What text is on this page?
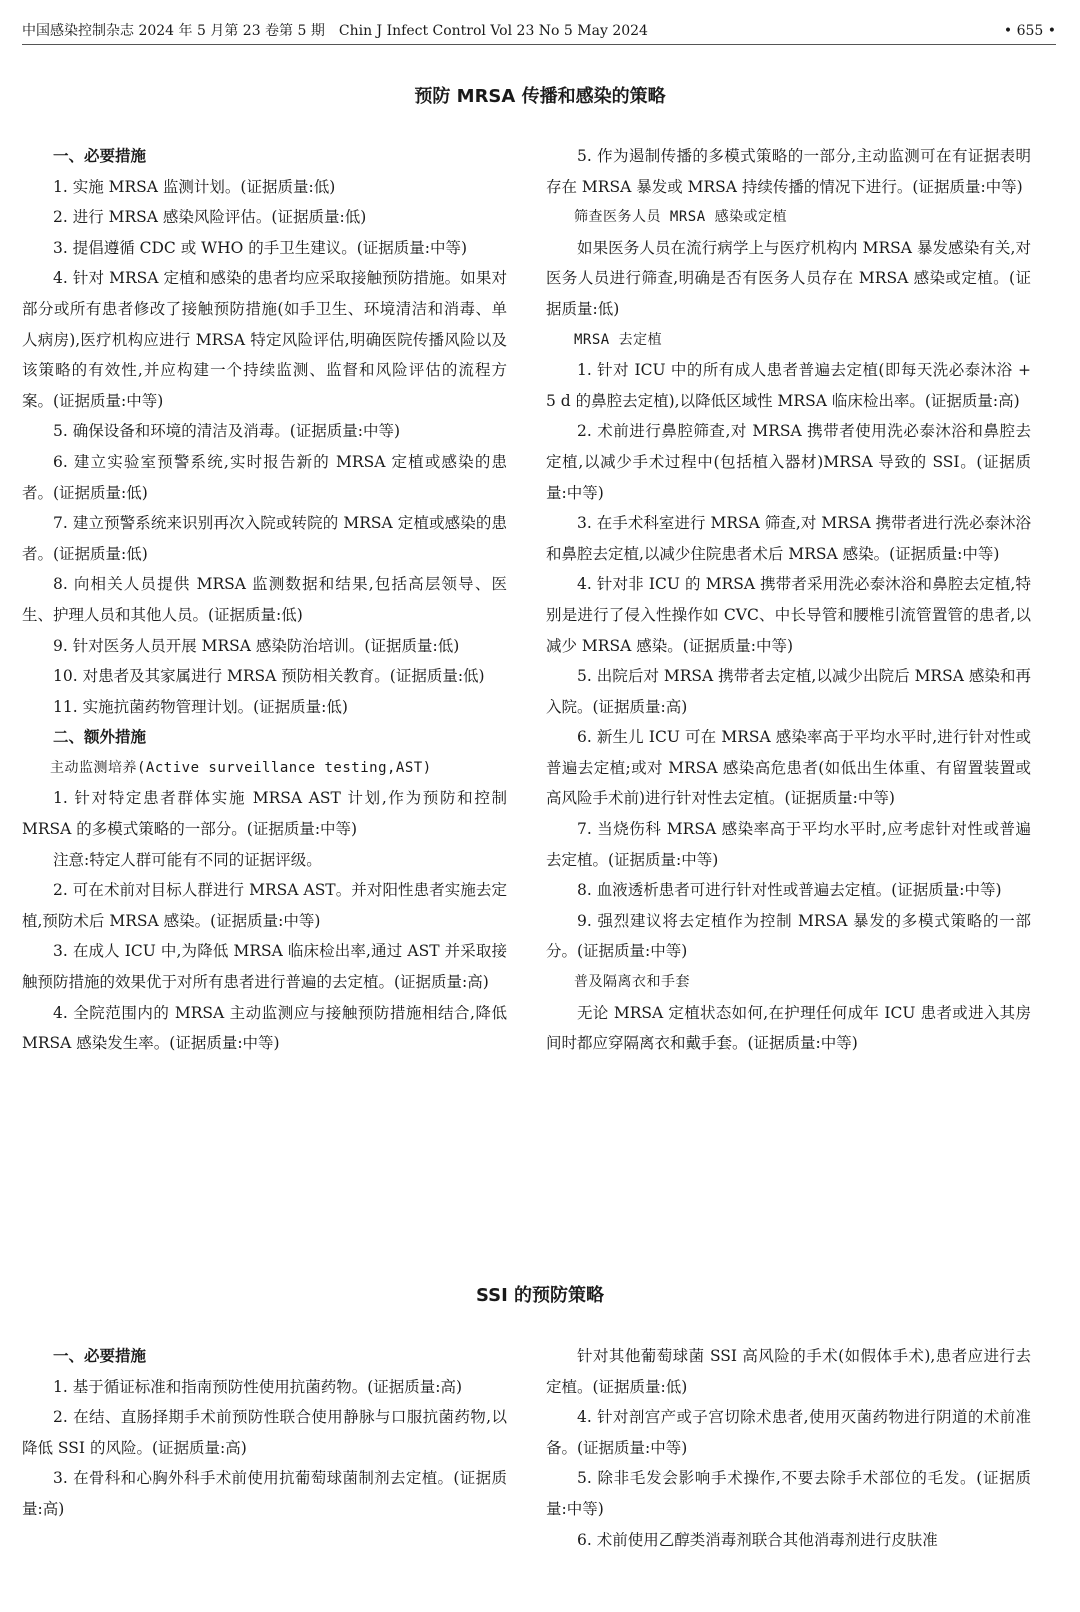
中国感染控制杂志 2024 年 5 月第 23 卷第 5 期　Chin J Infect Control Vol 23 No 5 May 2024	• 655 •
预防 MRSA 传播和感染的策略

一、必要措施

1. 实施 MRSA 监测计划。(证据质量:低)

2. 进行 MRSA 感染风险评估。(证据质量:低)

3. 提倡遵循 CDC 或 WHO 的手卫生建议。(证据质量:中等)

4. 针对 MRSA 定植和感染的患者均应采取接触预防措施。如果对部分或所有患者修改了接触预防措施(如手卫生、环境清洁和消毒、单人病房),医疗机构应进行 MRSA 特定风险评估,明确医院传播风险以及该策略的有效性,并应构建一个持续监测、监督和风险评估的流程方案。(证据质量:中等)

5. 确保设备和环境的清洁及消毒。(证据质量:中等)

6. 建立实验室预警系统,实时报告新的 MRSA 定植或感染的患者。(证据质量:低)

7. 建立预警系统来识别再次入院或转院的 MRSA 定植或感染的患者。(证据质量:低)

8. 向相关人员提供 MRSA 监测数据和结果,包括高层领导、医生、护理人员和其他人员。(证据质量:低)

9. 针对医务人员开展 MRSA 感染防治培训。(证据质量:低)

10. 对患者及其家属进行 MRSA 预防相关教育。(证据质量:低)

11. 实施抗菌药物管理计划。(证据质量:低)

二、额外措施

主动监测培养(Active surveillance testing,AST)

1. 针对特定患者群体实施 MRSA AST 计划,作为预防和控制 MRSA 的多模式策略的一部分。(证据质量:中等)

注意:特定人群可能有不同的证据评级。

2. 可在术前对目标人群进行 MRSA AST。并对阳性患者实施去定植,预防术后 MRSA 感染。(证据质量:中等)

3. 在成人 ICU 中,为降低 MRSA 临床检出率,通过 AST 并采取接触预防措施的效果优于对所有患者进行普遍的去定植。(证据质量:高)

4. 全院范围内的 MRSA 主动监测应与接触预防措施相结合,降低 MRSA 感染发生率。(证据质量:中等)

5. 作为遏制传播的多模式策略的一部分,主动监测可在有证据表明存在 MRSA 暴发或 MRSA 持续传播的情况下进行。(证据质量:中等)

筛查医务人员 MRSA 感染或定植

如果医务人员在流行病学上与医疗机构内 MRSA 暴发感染有关,对医务人员进行筛查,明确是否有医务人员存在 MRSA 感染或定植。(证据质量:低)

MRSA 去定植

1. 针对 ICU 中的所有成人患者普遍去定植(即每天洗必泰沐浴 + 5 d 的鼻腔去定植),以降低区域性 MRSA 临床检出率。(证据质量:高)

2. 术前进行鼻腔筛查,对 MRSA 携带者使用洗必泰沐浴和鼻腔去定植,以减少手术过程中(包括植入器材)MRSA 导致的 SSI。(证据质量:中等)

3. 在手术科室进行 MRSA 筛查,对 MRSA 携带者进行洗必泰沐浴和鼻腔去定植,以减少住院患者术后 MRSA 感染。(证据质量:中等)

4. 针对非 ICU 的 MRSA 携带者采用洗必泰沐浴和鼻腔去定植,特别是进行了侵入性操作如 CVC、中长导管和腰椎引流管置管的患者,以减少 MRSA 感染。(证据质量:中等)

5. 出院后对 MRSA 携带者去定植,以减少出院后 MRSA 感染和再入院。(证据质量:高)

6. 新生儿 ICU 可在 MRSA 感染率高于平均水平时,进行针对性或普遍去定植;或对 MRSA 感染高危患者(如低出生体重、有留置装置或高风险手术前)进行针对性去定植。(证据质量:中等)

7. 当烧伤科 MRSA 感染率高于平均水平时,应考虑针对性或普遍去定植。(证据质量:中等)

8. 血液透析患者可进行针对性或普遍去定植。(证据质量:中等)

9. 强烈建议将去定植作为控制 MRSA 暴发的多模式策略的一部分。(证据质量:中等)

普及隔离衣和手套

无论 MRSA 定植状态如何,在护理任何成年 ICU 患者或进入其房间时都应穿隔离衣和戴手套。(证据质量:中等)

SSI 的预防策略

一、必要措施

1. 基于循证标准和指南预防性使用抗菌药物。(证据质量:高)

2. 在结、直肠择期手术前预防性联合使用静脉与口服抗菌药物,以降低 SSI 的风险。(证据质量:高)

3. 在骨科和心胸外科手术前使用抗葡萄球菌制剂去定植。(证据质量:高)

针对其他葡萄球菌 SSI 高风险的手术(如假体手术),患者应进行去定植。(证据质量:低)

4. 针对剖宫产或子宫切除术患者,使用灭菌药物进行阴道的术前准备。(证据质量:中等)

5. 除非毛发会影响手术操作,不要去除手术部位的毛发。(证据质量:中等)

6. 术前使用乙醇类消毒剂联合其他消毒剂进行皮肤准
